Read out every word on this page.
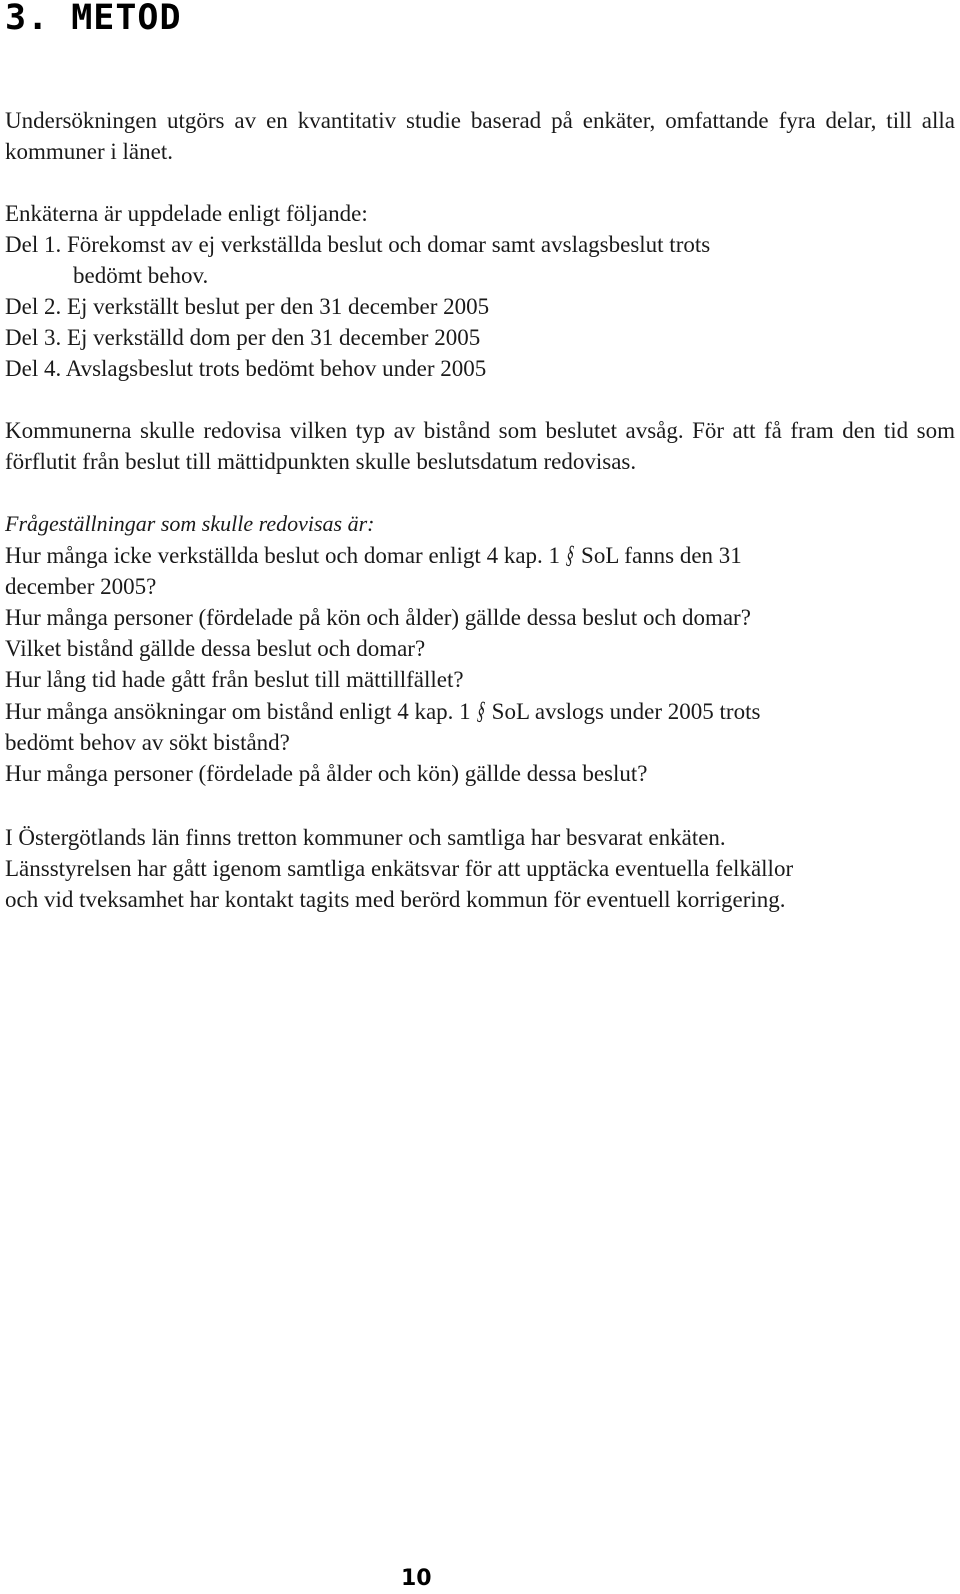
3. METOD

Undersökningen utgörs av en kvantitativ studie baserad på enkäter, omfattande fyra delar, till alla kommuner i länet.

Enkäterna är uppdelade enligt följande:
Del 1. Förekomst av ej verkställda beslut och domar samt avslagsbeslut trots
bedömt behov.
Del 2. Ej verkställt beslut per den 31 december 2005
Del 3. Ej verkställd dom per den 31 december 2005
Del 4. Avslagsbeslut trots bedömt behov under 2005

Kommunerna skulle redovisa vilken typ av bistånd som beslutet avsåg. För att få fram den tid som förflutit från beslut till mättidpunkten skulle beslutsdatum redovisas.

Frågeställningar som skulle redovisas är:
Hur många icke verkställda beslut och domar enligt 4 kap. 1 § SoL fanns den 31
december 2005?
Hur många personer (fördelade på kön och ålder) gällde dessa beslut och domar?
Vilket bistånd gällde dessa beslut och domar?
Hur lång tid hade gått från beslut till mättillfället?
Hur många ansökningar om bistånd enligt 4 kap. 1 § SoL avslogs under 2005 trots
bedömt behov av sökt bistånd?
Hur många personer (fördelade på ålder och kön) gällde dessa beslut?
I Östergötlands län finns tretton kommuner och samtliga har besvarat enkäten.
Länsstyrelsen har gått igenom samtliga enkätsvar för att upptäcka eventuella felkällor
och vid tveksamhet har kontakt tagits med berörd kommun för eventuell korrigering.
10
